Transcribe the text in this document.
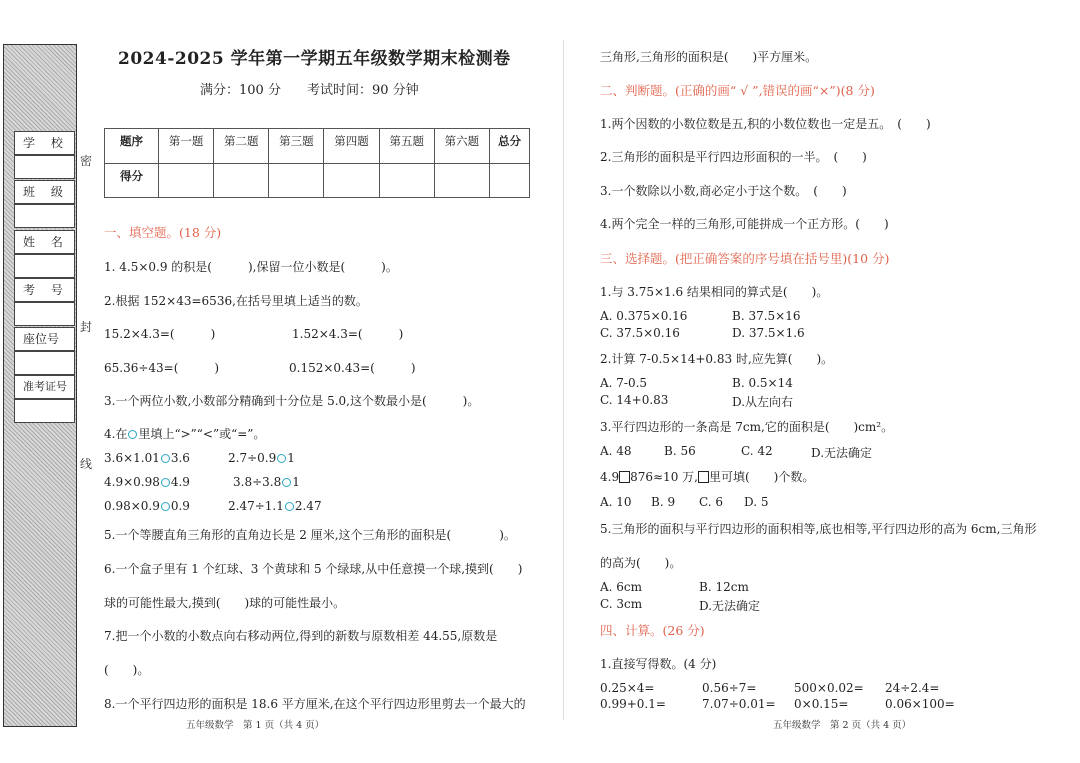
学 校
班 级
姓 名
考 号
座位号
准考证号
密
封
线
2024-2025 学年第一学期五年级数学期末检测卷
满分：100 分　　考试时间：90 分钟
题序	第一题	第二题	第三题	第四题	第五题	第六题	总分
得分							
一、填空题。(18 分)
1. 4.5×0.9 的积是(　　　),保留一位小数是(　　　)。
2.根据 152×43=6536,在括号里填上适当的数。
15.2×4.3=(　　　)	1.52×4.3=(　　　)
65.36÷43=(　　　)	0.152×0.43=(　　　)
3.一个两位小数,小数部分精确到十分位是 5.0,这个数最小是(　　　)。
4.在 里填上“>”“<”或“=”。
3.6×1.01 3.6	2.7÷0.9 1
4.9×0.98 4.9	3.8÷3.8 1
0.98×0.9 0.9	2.47÷1.1 2.47
5.一个等腰直角三角形的直角边长是 2 厘米,这个三角形的面积是(　　　　)。
6.一个盒子里有 1 个红球、3 个黄球和 5 个绿球,从中任意摸一个球,摸到(　　)
球的可能性最大,摸到(　　)球的可能性最小。
7.把一个小数的小数点向右移动两位,得到的新数与原数相差 44.55,原数是
(　　)。
8.一个平行四边形的面积是 18.6 平方厘米,在这个平行四边形里剪去一个最大的
五年级数学　第 1 页（共 4 页）
三角形,三角形的面积是(　　)平方厘米。
二、判断题。(正确的画“ √ ”,错误的画“×”)(8 分)
1.两个因数的小数位数是五,积的小数位数也一定是五。　(　　)
2.三角形的面积是平行四边形面积的一半。　(　　)
3.一个数除以小数,商必定小于这个数。　(　　)
4.两个完全一样的三角形,可能拼成一个正方形。(　　)
三、选择题。(把正确答案的序号填在括号里)(10 分)
1.与 3.75×1.6 结果相同的算式是(　　)。
A. 0.375×0.16	B. 37.5×16
C. 37.5×0.16	D. 37.5×1.6
2.计算 7-0.5×14+0.83 时,应先算(　　)。
A. 7-0.5	B. 0.5×14
C. 14+0.83	D.从左向右
3.平行四边形的一条高是 7cm,它的面积是(　　)cm²。
A. 48	B. 56	C. 42	D.无法确定
4.9 876≈10 万, 里可填(　　)个数。
A. 10 B. 9 C. 6 D. 5
5.三角形的面积与平行四边形的面积相等,底也相等,平行四边形的高为 6cm,三角形
的高为(　　)。
A. 6cm	B. 12cm
C. 3cm	D.无法确定
四、计算。(26 分)
1.直接写得数。(4 分)
0.25×4=	0.56÷7=	500×0.02= 24÷2.4=
0.99+0.1=	7.07÷0.01= 0×0.15=	0.06×100=
五年级数学　第 2 页（共 4 页）
